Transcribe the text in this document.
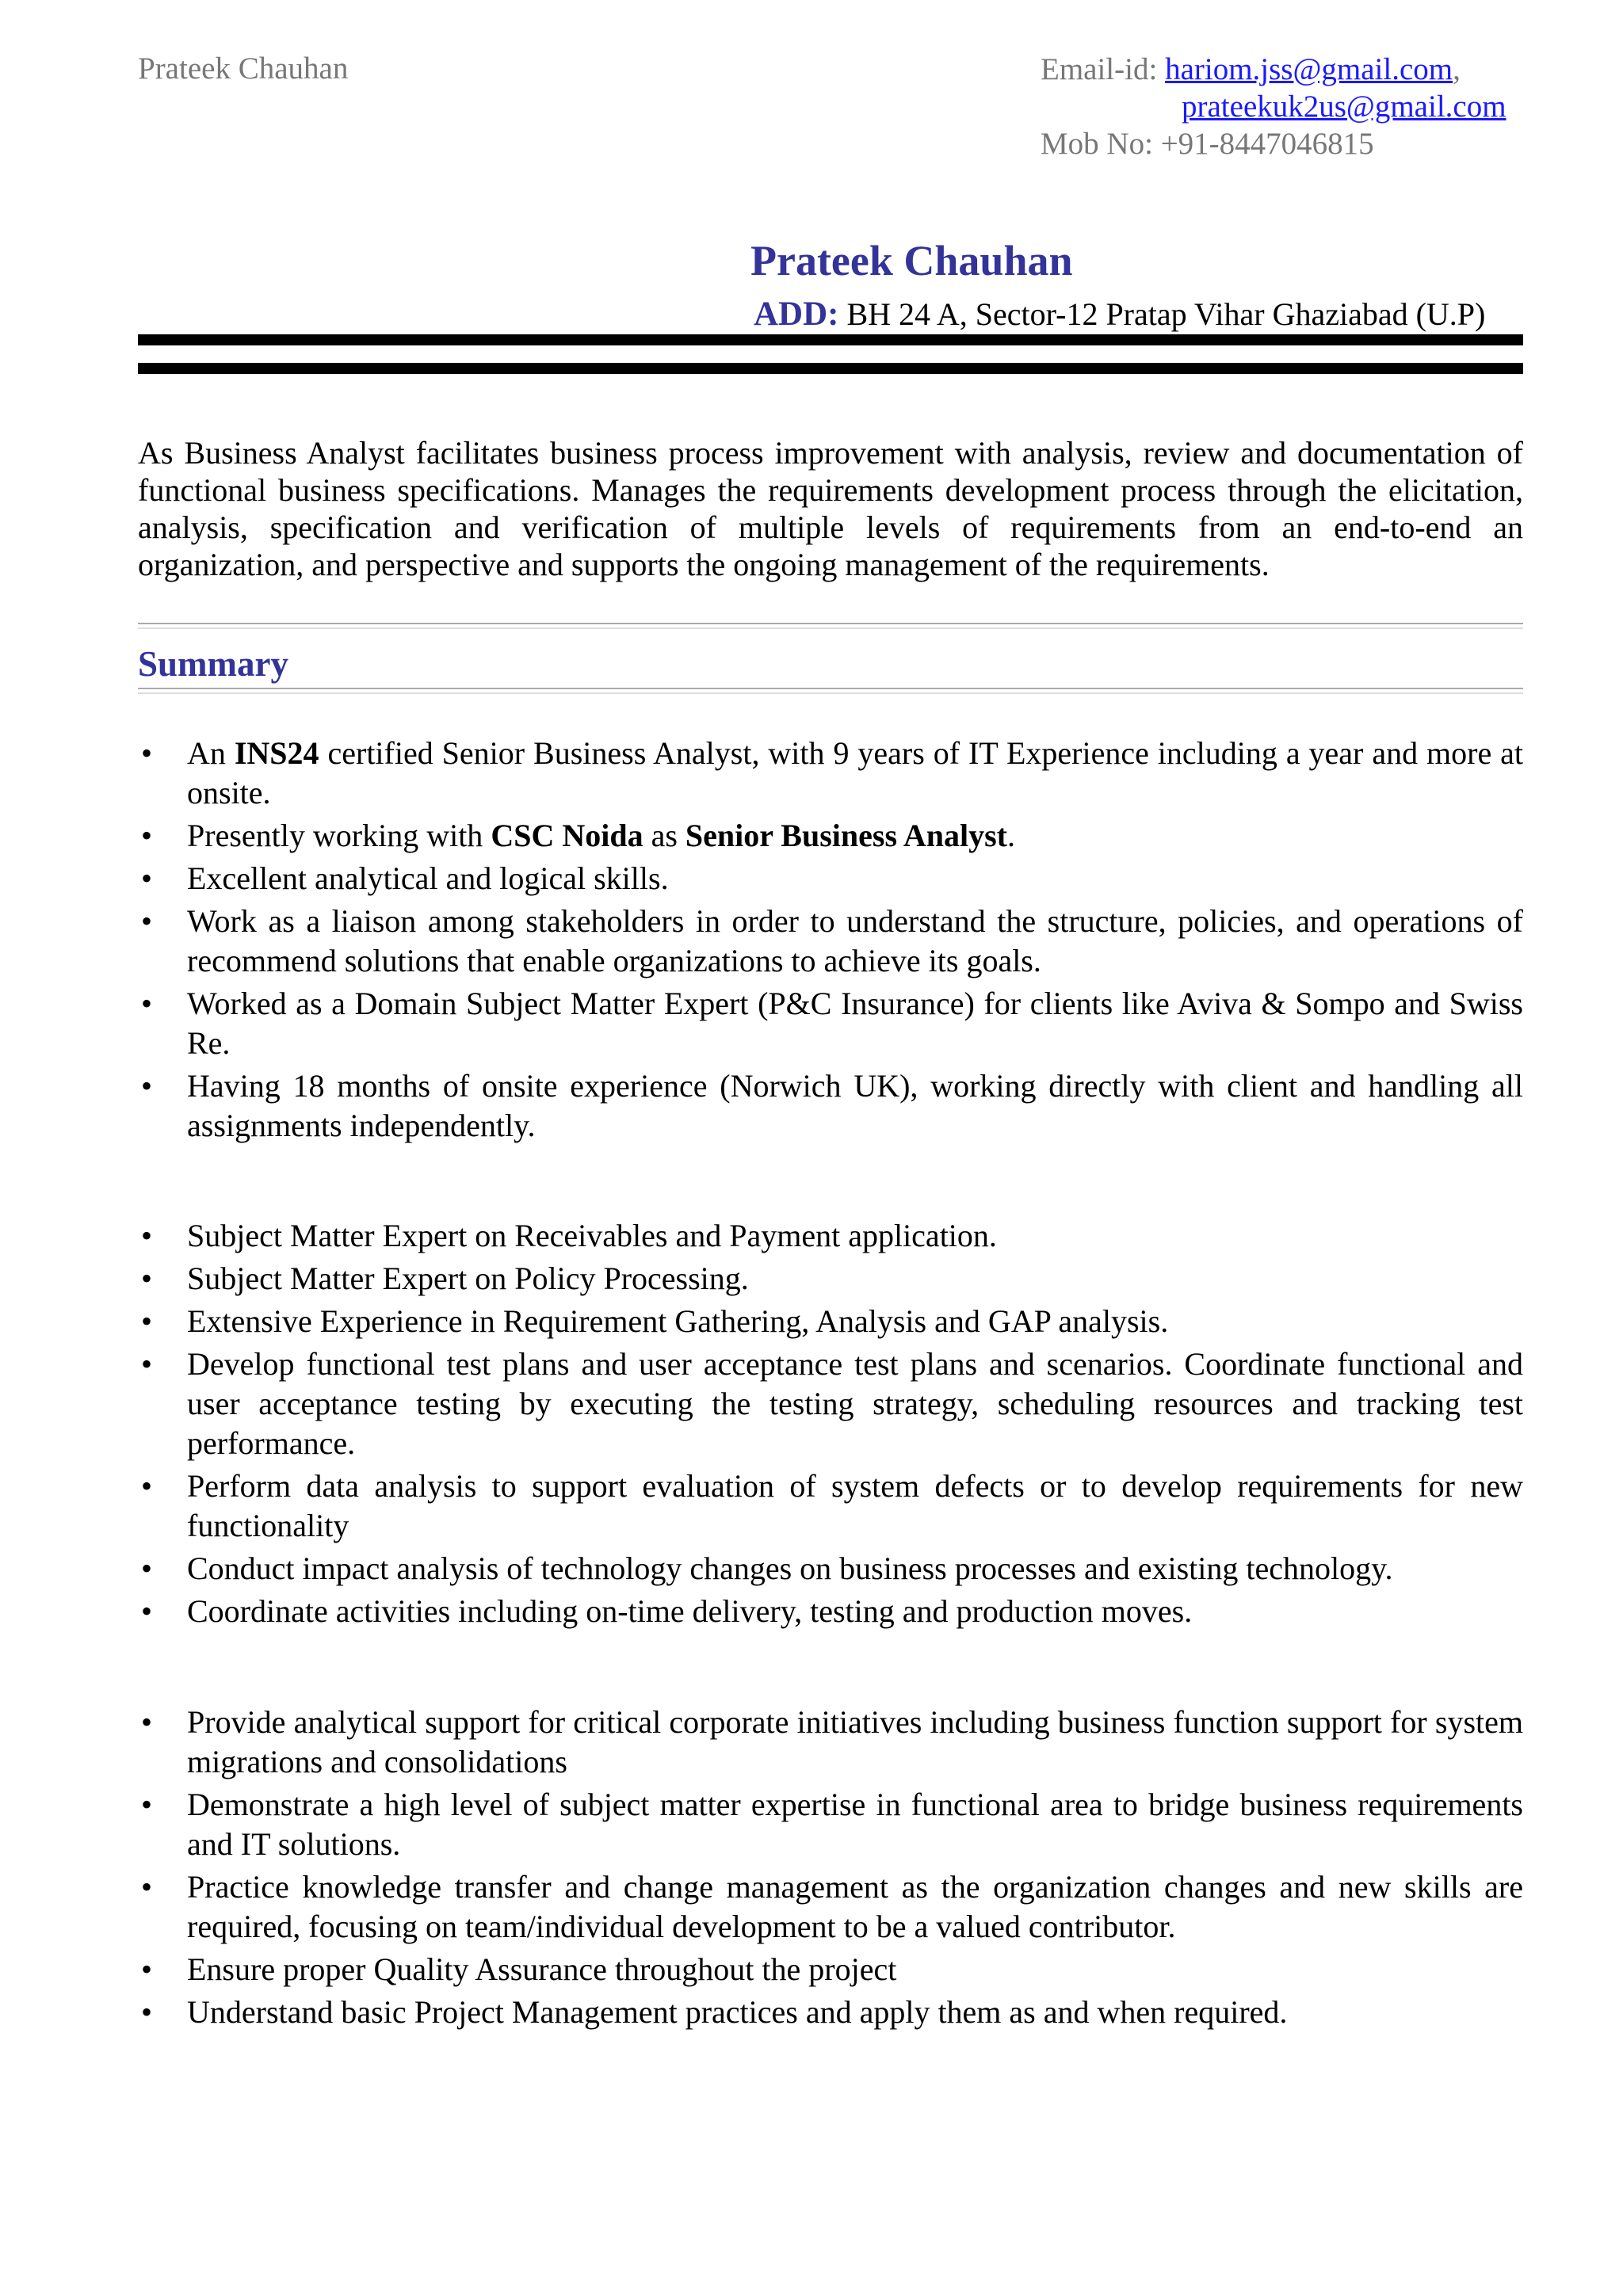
Prateek Chauhan	Email-id: hariom.jss@gmail.com,
prateekuk2us@gmail.com
Mob No: +91-8447046815
Prateek Chauhan
ADD: BH 24 A, Sector-12 Pratap Vihar Ghaziabad (U.P)
As Business Analyst facilitates business process improvement with analysis, review and documentation of functional business specifications. Manages the requirements development process through the elicitation, analysis, specification and verification of multiple levels of requirements from an end-to-end an organization, and perspective and supports the ongoing management of the requirements.
Summary
• An INS24 certified Senior Business Analyst, with 9 years of IT Experience including a year and more at onsite.
• Presently working with CSC Noida as Senior Business Analyst.
• Excellent analytical and logical skills.
• Work as a liaison among stakeholders in order to understand the structure, policies, and operations of recommend solutions that enable organizations to achieve its goals.
• Worked as a Domain Subject Matter Expert (P&C Insurance) for clients like Aviva & Sompo and Swiss Re.
• Having 18 months of onsite experience (Norwich UK), working directly with client and handling all assignments independently.
• Subject Matter Expert on Receivables and Payment application.
• Subject Matter Expert on Policy Processing.
• Extensive Experience in Requirement Gathering, Analysis and GAP analysis.
• Develop functional test plans and user acceptance test plans and scenarios. Coordinate functional and user acceptance testing by executing the testing strategy, scheduling resources and tracking test performance.
• Perform data analysis to support evaluation of system defects or to develop requirements for new functionality
• Conduct impact analysis of technology changes on business processes and existing technology.
• Coordinate activities including on-time delivery, testing and production moves.
• Provide analytical support for critical corporate initiatives including business function support for system migrations and consolidations
• Demonstrate a high level of subject matter expertise in functional area to bridge business requirements and IT solutions.
• Practice knowledge transfer and change management as the organization changes and new skills are required, focusing on team/individual development to be a valued contributor.
• Ensure proper Quality Assurance throughout the project
• Understand basic Project Management practices and apply them as and when required.
